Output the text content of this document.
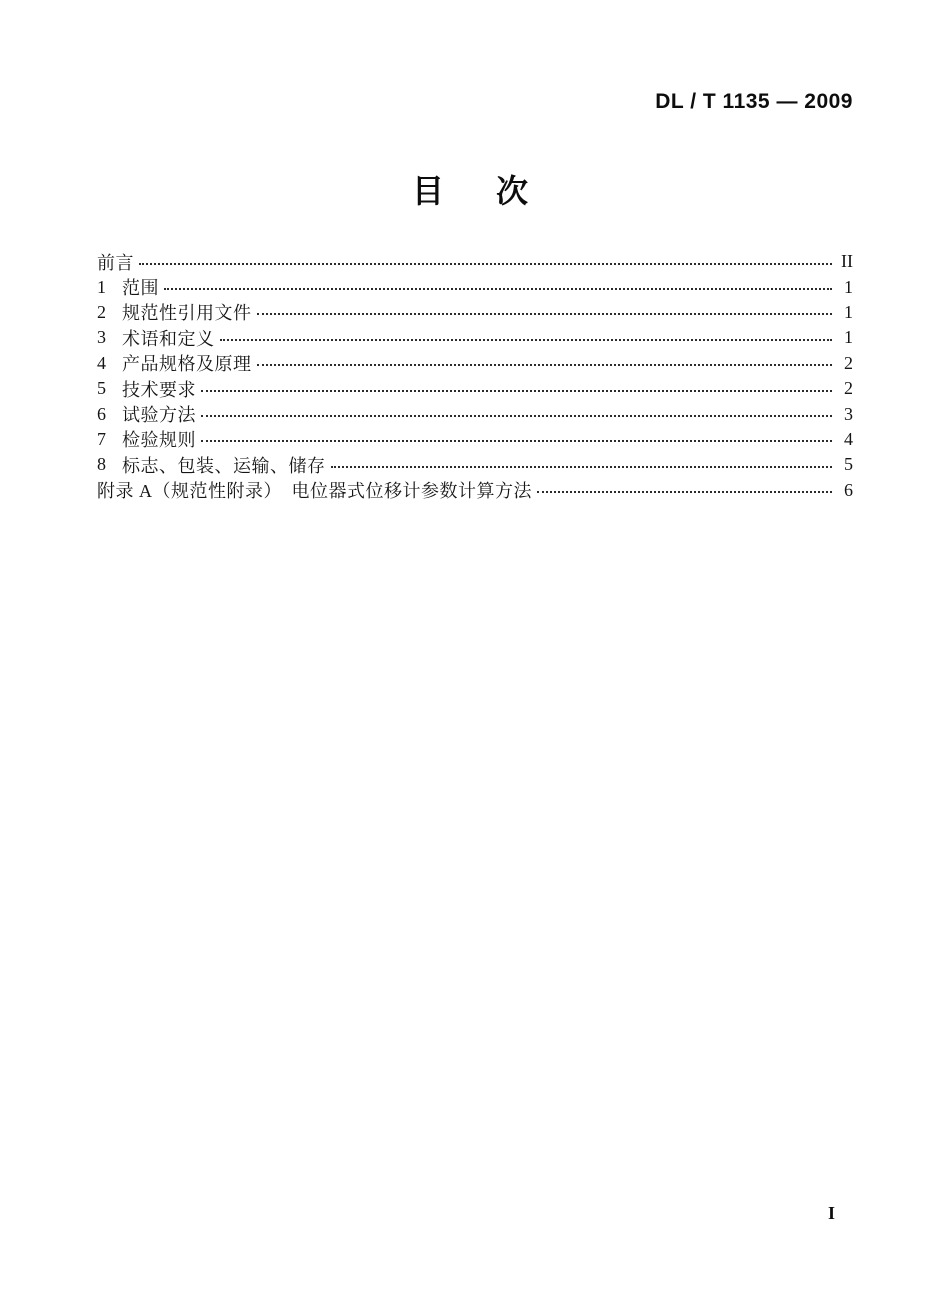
DL / T 1135 — 2009
目　次
前言	II
1 范围	1
2 规范性引用文件	1
3 术语和定义	1
4 产品规格及原理	2
5 技术要求	2
6 试验方法	3
7 检验规则	4
8 标志、包装、运输、储存	5
附录 A（规范性附录）　电位器式位移计参数计算方法	6
I
